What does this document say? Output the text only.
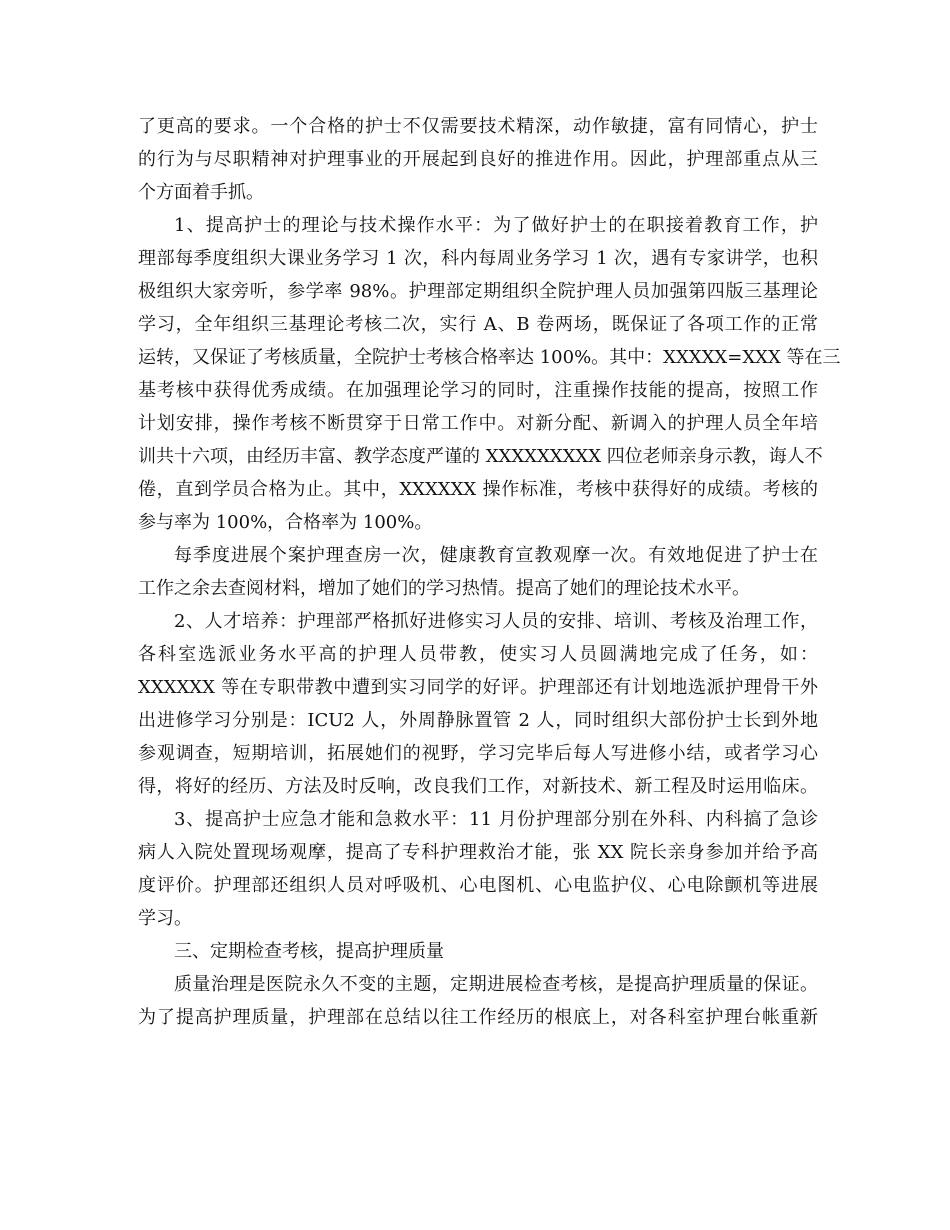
了更高的要求。一个合格的护士不仅需要技术精深，动作敏捷，富有同情心，护士
的行为与尽职精神对护理事业的开展起到良好的推进作用。因此，护理部重点从三
个方面着手抓。
1、提高护士的理论与技术操作水平：为了做好护士的在职接着教育工作，护
理部每季度组织大课业务学习 1 次，科内每周业务学习 1 次，遇有专家讲学，也积
极组织大家旁听，参学率 98%。护理部定期组织全院护理人员加强第四版三基理论
学习，全年组织三基理论考核二次，实行 A、B 卷两场，既保证了各项工作的正常
运转，又保证了考核质量，全院护士考核合格率达 100%。其中：XXXXX=XXX 等在三
基考核中获得优秀成绩。在加强理论学习的同时，注重操作技能的提高，按照工作
计划安排，操作考核不断贯穿于日常工作中。对新分配、新调入的护理人员全年培
训共十六项，由经历丰富、教学态度严谨的 XXXXXXXXX 四位老师亲身示教，诲人不
倦，直到学员合格为止。其中，XXXXXX 操作标准，考核中获得好的成绩。考核的
参与率为 100%，合格率为 100%。
每季度进展个案护理查房一次，健康教育宣教观摩一次。有效地促进了护士在
工作之余去查阅材料，增加了她们的学习热情。提高了她们的理论技术水平。
2、人才培养：护理部严格抓好进修实习人员的安排、培训、考核及治理工作，
各科室选派业务水平高的护理人员带教，使实习人员圆满地完成了任务，如：
XXXXXX 等在专职带教中遭到实习同学的好评。护理部还有计划地选派护理骨干外
出进修学习分别是：ICU2 人，外周静脉置管 2 人，同时组织大部份护士长到外地
参观调查，短期培训，拓展她们的视野，学习完毕后每人写进修小结，或者学习心
得，将好的经历、方法及时反响，改良我们工作，对新技术、新工程及时运用临床。
3、提高护士应急才能和急救水平：11 月份护理部分别在外科、内科搞了急诊
病人入院处置现场观摩，提高了专科护理救治才能，张 XX 院长亲身参加并给予高
度评价。护理部还组织人员对呼吸机、心电图机、心电监护仪、心电除颤机等进展
学习。
三、定期检查考核，提高护理质量
质量治理是医院永久不变的主题，定期进展检查考核，是提高护理质量的保证。
为了提高护理质量，护理部在总结以往工作经历的根底上，对各科室护理台帐重新
